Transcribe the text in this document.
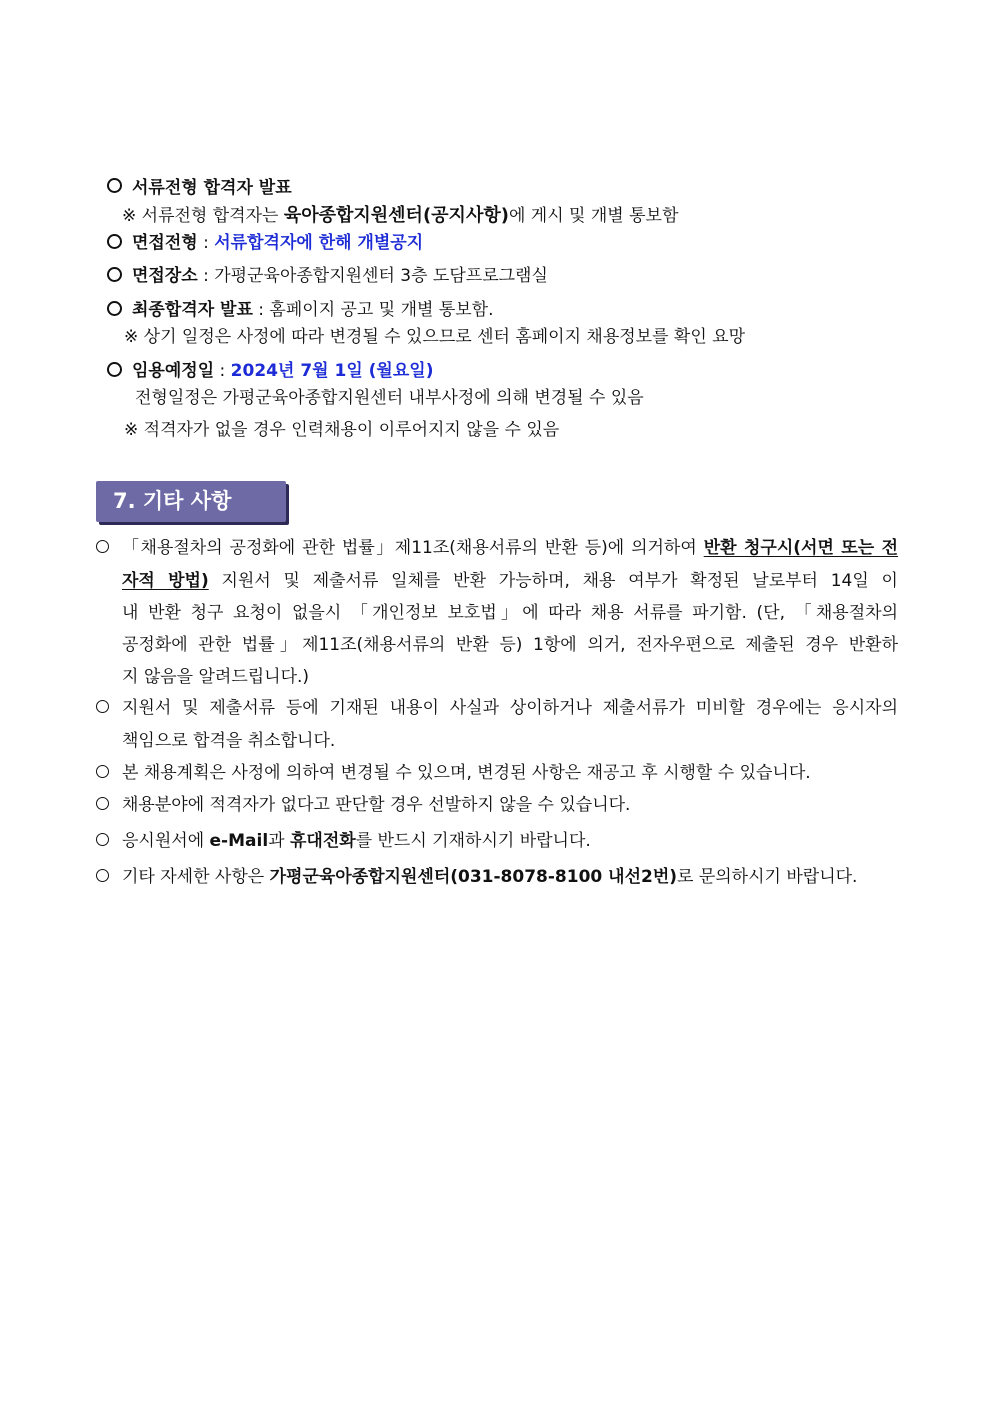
서류전형 합격자 발표
※ 서류전형 합격자는 육아종합지원센터(공지사항)에 게시 및 개별 통보함
면접전형 : 서류합격자에 한해 개별공지
면접장소 : 가평군육아종합지원센터 3층 도담프로그램실
최종합격자 발표 : 홈페이지 공고 및 개별 통보함.
※ 상기 일정은 사정에 따라 변경될 수 있으므로 센터 홈페이지 채용정보를 확인 요망
임용예정일 : 2024년 7월 1일 (월요일)
전형일정은 가평군육아종합지원센터 내부사정에 의해 변경될 수 있음
※ 적격자가 없을 경우 인력채용이 이루어지지 않을 수 있음
7. 기타 사항
「채용절차의 공정화에 관한 법률」제11조(채용서류의 반환 등)에 의거하여 반환 청구시(서면 또는 전
자적 방법) 지원서 및 제출서류 일체를 반환 가능하며, 채용 여부가 확정된 날로부터 14일 이
내 반환 청구 요청이 없을시 「개인정보 보호법」에 따라 채용 서류를 파기함. (단, 「채용절차의
공정화에 관한 법률」제11조(채용서류의 반환 등) 1항에 의거, 전자우편으로 제출된 경우 반환하
지 않음을 알려드립니다.)
지원서 및 제출서류 등에 기재된 내용이 사실과 상이하거나 제출서류가 미비할 경우에는 응시자의
책임으로 합격을 취소합니다.
본 채용계획은 사정에 의하여 변경될 수 있으며, 변경된 사항은 재공고 후 시행할 수 있습니다.
채용분야에 적격자가 없다고 판단할 경우 선발하지 않을 수 있습니다.
응시원서에 e-Mail과 휴대전화를 반드시 기재하시기 바랍니다.
기타 자세한 사항은 가평군육아종합지원센터(031-8078-8100 내선2번)로 문의하시기 바랍니다.
